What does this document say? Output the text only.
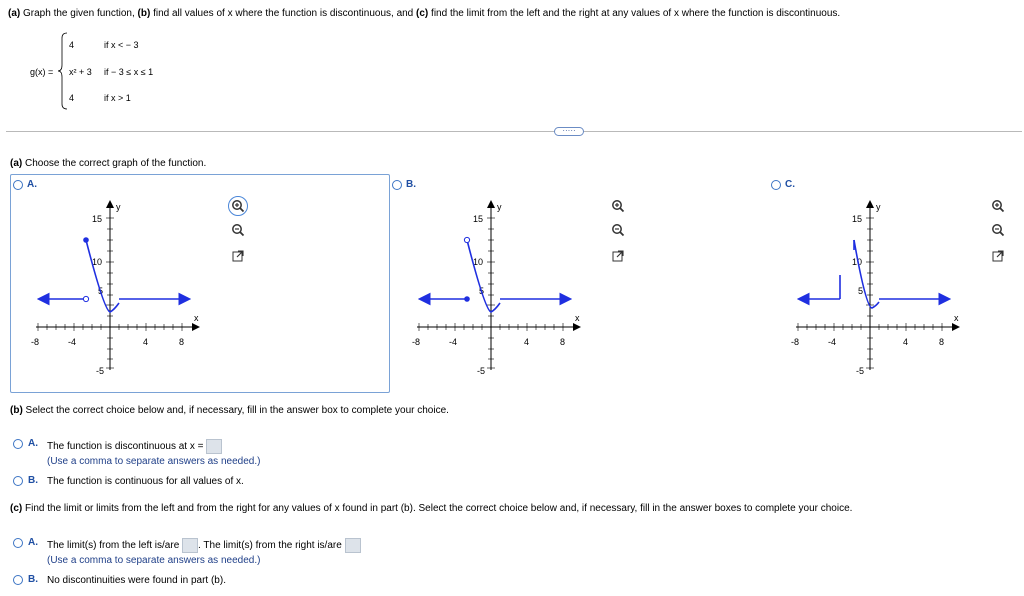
(a) Graph the given function, (b) find all values of x where the function is discontinuous, and (c) find the limit from the left and the right at any values of x where the function is discontinuous.
g(x) =
4	if x < − 3
x² + 3 if − 3 ≤ x ≤ 1
4	if x > 1
·····
(a) Choose the correct graph of the function.
A.	B.	C.
y
x
-8	-4	4	8
15
10
5
-5
y
x
-8	-4	4	8
15
10
5
-5
y
x
-8	-4	4	8
15
10
5
-5
(b) Select the correct choice below and, if necessary, fill in the answer box to complete your choice.
A. The function is discontinuous at x =
(Use a comma to separate answers as needed.)
B. The function is continuous for all values of x.
(c) Find the limit or limits from the left and from the right for any values of x found in part (b). Select the correct choice below and, if necessary, fill in the answer boxes to complete your choice.
A. The limit(s) from the left is/are . The limit(s) from the right is/are
(Use a comma to separate answers as needed.)
B. No discontinuities were found in part (b).
